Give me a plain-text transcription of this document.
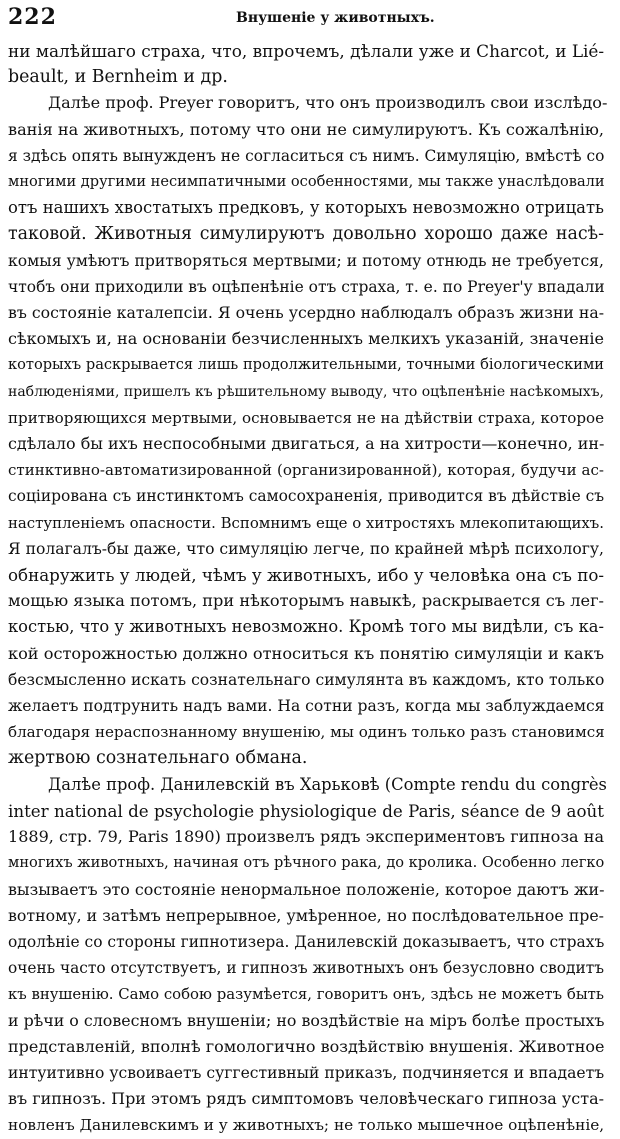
222	Внушеніе у животныхъ.
ни малѣйшаго страха, что, впрочемъ, дѣлали уже и Charcot, и Lié-
beault, и Bernheim и др.
Далѣе проф. Preyer говоритъ, что онъ производилъ свои изслѣдо-
ванія на животныхъ, потому что они не симулируютъ. Къ сожалѣнію,
я здѣсь опять вынужденъ не согласиться съ нимъ. Симуляцію, вмѣстѣ со
многими другими несимпатичными особенностями, мы также унаслѣдовали
отъ нашихъ хвостатыхъ предковъ, у которыхъ невозможно отрицать
таковой. Животныя симулируютъ довольно хорошо даже насѣ-
комыя умѣютъ притворяться мертвыми; и потому отнюдь не требуется,
чтобъ они приходили въ оцѣпенѣніе отъ страха, т. е. по Preyer'у впадали
въ состояніе каталепсіи. Я очень усердно наблюдалъ образъ жизни на-
сѣкомыхъ и, на основаніи безчисленныхъ мелкихъ указаній, значеніе
которыхъ раскрывается лишь продолжительными, точными біологическими
наблюденіями, пришелъ къ рѣшительному выводу, что оцѣпенѣніе насѣкомыхъ,
притворяющихся мертвыми, основывается не на дѣйствіи страха, которое
сдѣлало бы ихъ неспособными двигаться, а на хитрости—конечно, ин-
стинктивно-автоматизированной (организированной), которая, будучи ас-
соціирована съ инстинктомъ самосохраненія, приводится въ дѣйствіе съ
наступленіемъ опасности. Вспомнимъ еще о хитростяхъ млекопитающихъ.
Я полагалъ-бы даже, что симуляцію легче, по крайней мѣрѣ психологу,
обнаружить у людей, чѣмъ у животныхъ, ибо у человѣка она съ по-
мощью языка потомъ, при нѣкоторымъ навыкѣ, раскрывается съ лег-
костью, что у животныхъ невозможно. Кромѣ того мы видѣли, съ ка-
кой осторожностью должно относиться къ понятію симуляціи и какъ
безсмысленно искать сознательнаго симулянта въ каждомъ, кто только
желаетъ подтрунить надъ вами. На сотни разъ, когда мы заблуждаемся
благодаря нераспознанному внушенію, мы одинъ только разъ становимся
жертвою сознательнаго обмана.
Далѣе проф. Данилевскій въ Харьковѣ (Compte rendu du congrès
inter national de psychologie physiologique de Paris, séance de 9 août
1889, стр. 79, Paris 1890) произвелъ рядъ экспериментовъ гипноза на
многихъ животныхъ, начиная отъ рѣчного рака, до кролика. Особенно легко
вызываетъ это состояніе ненормальное положеніе, которое даютъ жи-
вотному, и затѣмъ непрерывное, умѣренное, но послѣдовательное пре-
одолѣніе со стороны гипнотизера. Данилевскій доказываетъ, что страхъ
очень часто отсутствуетъ, и гипнозъ животныхъ онъ безусловно сводитъ
къ внушенію. Само собою разумѣется, говоритъ онъ, здѣсь не можетъ быть
и рѣчи о словесномъ внушеніи; но воздѣйствіе на міръ болѣе простыхъ
представленій, вполнѣ гомологично воздѣйствію внушенія. Животное
интуитивно усвоиваетъ суггестивный приказъ, подчиняется и впадаетъ
въ гипнозъ. При этомъ рядъ симптомовъ человѣческаго гипноза уста-
новленъ Данилевскимъ и у животныхъ; не только мышечное оцѣпенѣніе,
